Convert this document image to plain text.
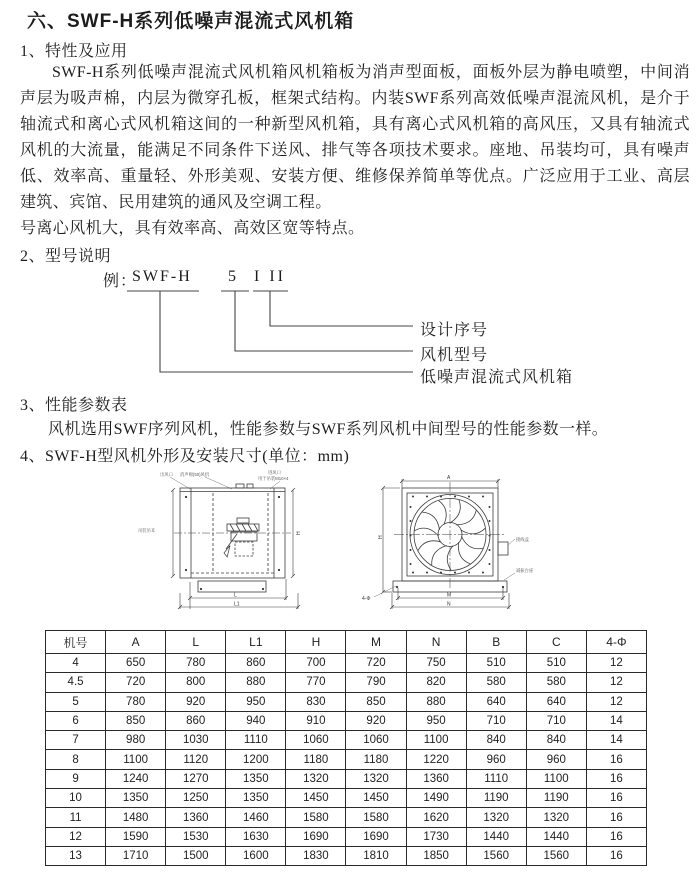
六、SWF-H系列低噪声混流式风机箱
1、特性及应用

SWF-H系列低噪声混流式风机箱风机箱板为消声型面板，面板外层为静电喷塑，中间消声层为吸声棉，内层为微穿孔板，框架式结构。内装SWF系列高效低噪声混流风机，是介于轴流式和离心式风机箱这间的一种新型风机箱，具有离心式风机箱的高风压，又具有轴流式风机的大流量，能满足不同条件下送风、排气等各项技术要求。座地、吊装均可，具有噪声低、效率高、重量轻、外形美观、安装方便、维修保养简单等优点。广泛应用于工业、高层建筑、宾馆、民用建筑的通风及空调工程。

号离心风机大，具有效率高、高效区宽等特点。

2、型号说明
例：
SWF-H 5 I II
设计序号
风机型号
低噪声混流式风机箱
3、性能参数表
风机选用SWF序列风机，性能参数与SWF系列风机中间型号的性能参数一样。
4、SWF-H型风机外形及安装尺寸(单位：mm)
出风口 消声棉(50)风机	进风口
用于吊装M10×4
吊装吊耳
L
L1
H
A
接线盒
减振台座
M
N
H
4-Φ
机号	A	L	L1	H	M	N	B	C	4-Φ
4	650	780	860	700	720	750	510	510	12
4.5	720	800	880	770	790	820	580	580	12
5	780	920	950	830	850	880	640	640	12
6	850	860	940	910	920	950	710	710	14
7	980	1030	1110	1060	1060	1100	840	840	14
8	1100	1120	1200	1180	1180	1220	960	960	16
9	1240	1270	1350	1320	1320	1360	1110	1100	16
10	1350	1250	1350	1450	1450	1490	1190	1190	16
11	1480	1360	1460	1580	1580	1620	1320	1320	16
12	1590	1530	1630	1690	1690	1730	1440	1440	16
13	1710	1500	1600	1830	1810	1850	1560	1560	16
